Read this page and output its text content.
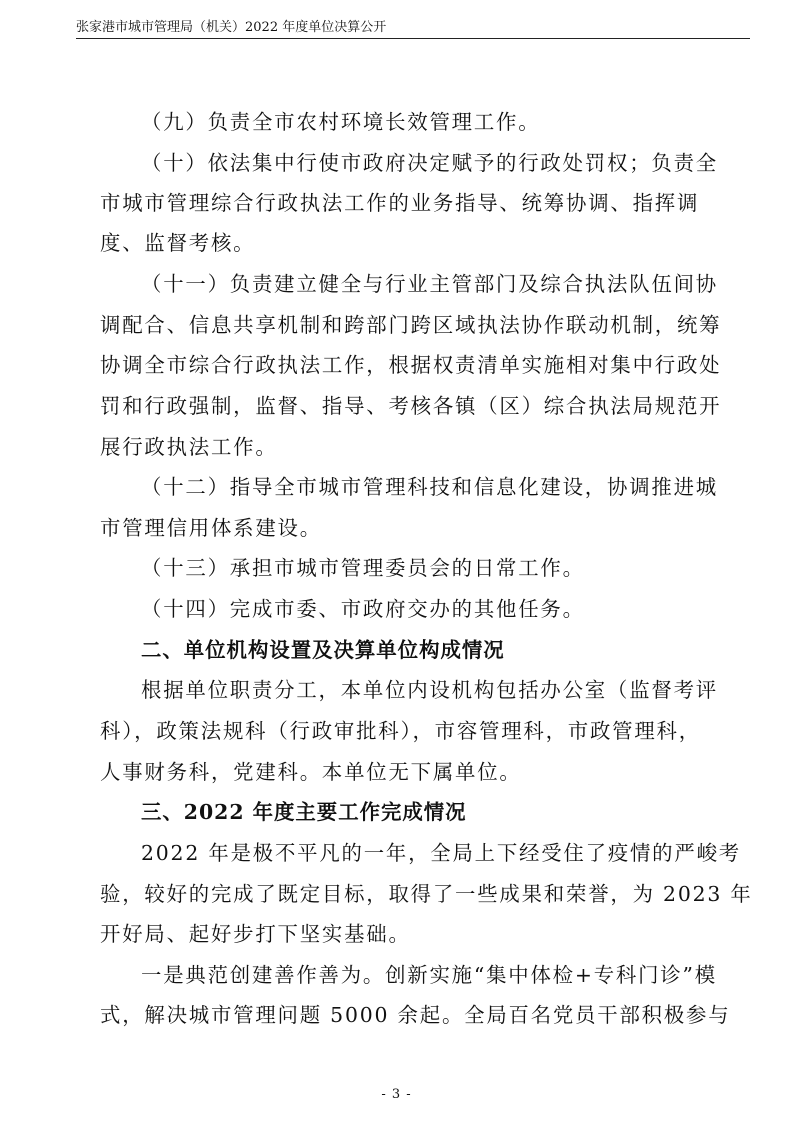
张家港市城市管理局（机关）2022 年度单位决算公开
（九）负责全市农村环境长效管理工作。
（十）依法集中行使市政府决定赋予的行政处罚权；负责全
市城市管理综合行政执法工作的业务指导、统筹协调、指挥调
度、监督考核。
（十一）负责建立健全与行业主管部门及综合执法队伍间协
调配合、信息共享机制和跨部门跨区域执法协作联动机制，统筹
协调全市综合行政执法工作，根据权责清单实施相对集中行政处
罚和行政强制，监督、指导、考核各镇（区）综合执法局规范开
展行政执法工作。
（十二）指导全市城市管理科技和信息化建设，协调推进城
市管理信用体系建设。
（十三）承担市城市管理委员会的日常工作。
（十四）完成市委、市政府交办的其他任务。
二、单位机构设置及决算单位构成情况
根据单位职责分工，本单位内设机构包括办公室（监督考评
科），政策法规科（行政审批科），市容管理科，市政管理科，
人事财务科，党建科。本单位无下属单位。
三、2022 年度主要工作完成情况
2022 年是极不平凡的一年，全局上下经受住了疫情的严峻考
验，较好的完成了既定目标，取得了一些成果和荣誉，为 2023 年
开好局、起好步打下坚实基础。
一是典范创建善作善为。创新实施“集中体检+专科门诊”模
式，解决城市管理问题 5000 余起。全局百名党员干部积极参与
- 3 -
